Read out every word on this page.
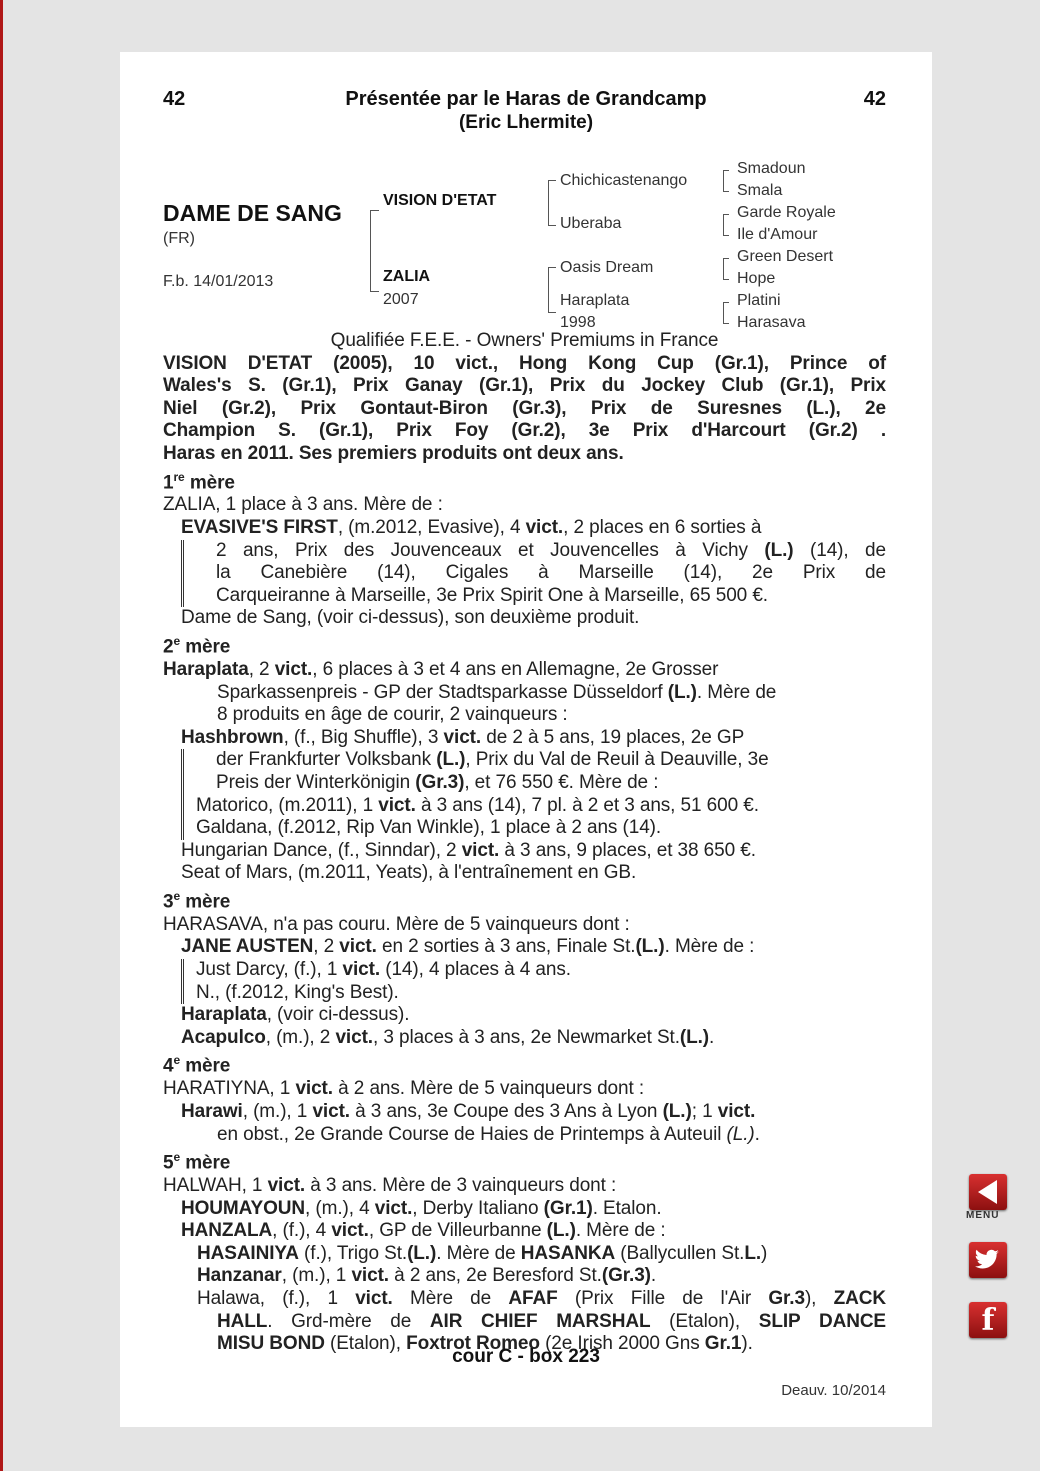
42	42
Présentée par le Haras de Grandcamp
(Eric Lhermite)
DAME DE SANG
(FR)
F.b. 14/01/2013
VISION D'ETAT
ZALIA
2007
Chichicastenango
Uberaba
Oasis Dream
Haraplata
1998
Smadoun
Smala
Garde Royale
Ile d'Amour
Green Desert
Hope
Platini
Harasava

Qualifiée F.E.E. - Owners' Premiums in France

VISION D'ETAT (2005), 10 vict., Hong Kong Cup (Gr.1), Prince of

Wales's S. (Gr.1), Prix Ganay (Gr.1), Prix du Jockey Club (Gr.1), Prix

Niel (Gr.2), Prix Gontaut-Biron (Gr.3), Prix de Suresnes (L.), 2e

Champion S. (Gr.1), Prix Foy (Gr.2), 3e Prix d'Harcourt (Gr.2) .

Haras en 2011. Ses premiers produits ont deux ans.

1re mère

ZALIA, 1 place à 3 ans. Mère de :

EVASIVE'S FIRST, (m.2012, Evasive), 4 vict., 2 places en 6 sorties à

2 ans, Prix des Jouvenceaux et Jouvencelles à Vichy (L.) (14), de

la Canebière (14), Cigales à Marseille (14), 2e Prix de

Carqueiranne à Marseille, 3e Prix Spirit One à Marseille, 65 500 €.

Dame de Sang, (voir ci-dessus), son deuxième produit.

2e mère

Haraplata, 2 vict., 6 places à 3 et 4 ans en Allemagne, 2e Grosser
Sparkassenpreis - GP der Stadtsparkasse Düsseldorf (L.). Mère de
8 produits en âge de courir, 2 vainqueurs :

Hashbrown, (f., Big Shuffle), 3 vict. de 2 à 5 ans, 19 places, 2e GP

der Frankfurter Volksbank (L.), Prix du Val de Reuil à Deauville, 3e

Preis der Winterkönigin (Gr.3), et 76 550 €. Mère de :

Matorico, (m.2011), 1 vict. à 3 ans (14), 7 pl. à 2 et 3 ans, 51 600 €.

Galdana, (f.2012, Rip Van Winkle), 1 place à 2 ans (14).

Hungarian Dance, (f., Sinndar), 2 vict. à 3 ans, 9 places, et 38 650 €.

Seat of Mars, (m.2011, Yeats), à l'entraînement en GB.

3e mère

HARASAVA, n'a pas couru. Mère de 5 vainqueurs dont :

JANE AUSTEN, 2 vict. en 2 sorties à 3 ans, Finale St.(L.). Mère de :

Just Darcy, (f.), 1 vict. (14), 4 places à 4 ans.

N., (f.2012, King's Best).

Haraplata, (voir ci-dessus).

Acapulco, (m.), 2 vict., 3 places à 3 ans, 2e Newmarket St.(L.).

4e mère

HARATIYNA, 1 vict. à 2 ans. Mère de 5 vainqueurs dont :

Harawi, (m.), 1 vict. à 3 ans, 3e Coupe des 3 Ans à Lyon (L.); 1 vict.
en obst., 2e Grande Course de Haies de Printemps à Auteuil (L.).

5e mère

HALWAH, 1 vict. à 3 ans. Mère de 3 vainqueurs dont :

HOUMAYOUN, (m.), 4 vict., Derby Italiano (Gr.1). Etalon.

HANZALA, (f.), 4 vict., GP de Villeurbanne (L.). Mère de :

HASAINIYA (f.), Trigo St.(L.). Mère de HASANKA (Ballycullen St.L.)

Hanzanar, (m.), 1 vict. à 2 ans, 2e Beresford St.(Gr.3).

Halawa, (f.), 1 vict. Mère de AFAF (Prix Fille de l'Air Gr.3), ZACK

HALL. Grd-mère de AIR CHIEF MARSHAL (Etalon), SLIP DANCE

MISU BOND (Etalon), Foxtrot Romeo (2e Irish 2000 Gns Gr.1).

cour C - box 223
Deauv. 10/2014
MENU
f
